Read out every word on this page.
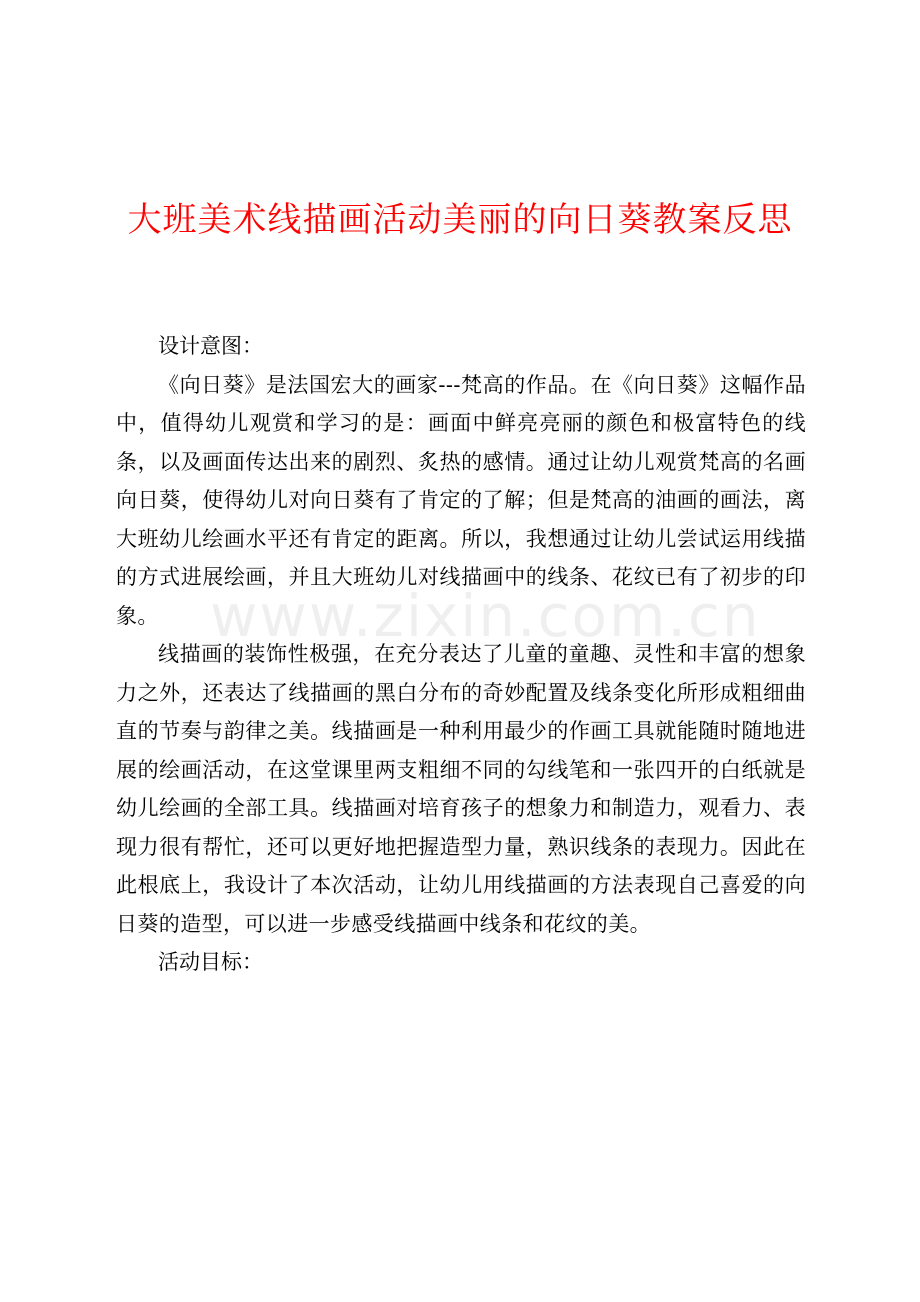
大班美术线描画活动美丽的向日葵教案反思
www.zixin.com.cn

设计意图：

《向日葵》是法国宏大的画家---梵高的作品。在《向日葵》这幅作品中，值得幼儿观赏和学习的是：画面中鲜亮亮丽的颜色和极富特色的线条，以及画面传达出来的剧烈、炙热的感情。通过让幼儿观赏梵高的名画向日葵，使得幼儿对向日葵有了肯定的了解；但是梵高的油画的画法，离大班幼儿绘画水平还有肯定的距离。所以，我想通过让幼儿尝试运用线描的方式进展绘画，并且大班幼儿对线描画中的线条、花纹已有了初步的印象。

线描画的装饰性极强，在充分表达了儿童的童趣、灵性和丰富的想象力之外，还表达了线描画的黑白分布的奇妙配置及线条变化所形成粗细曲直的节奏与韵律之美。线描画是一种利用最少的作画工具就能随时随地进展的绘画活动，在这堂课里两支粗细不同的勾线笔和一张四开的白纸就是幼儿绘画的全部工具。线描画对培育孩子的想象力和制造力，观看力、表现力很有帮忙，还可以更好地把握造型力量，熟识线条的表现力。因此在此根底上，我设计了本次活动，让幼儿用线描画的方法表现自己喜爱的向日葵的造型，可以进一步感受线描画中线条和花纹的美。

活动目标：
